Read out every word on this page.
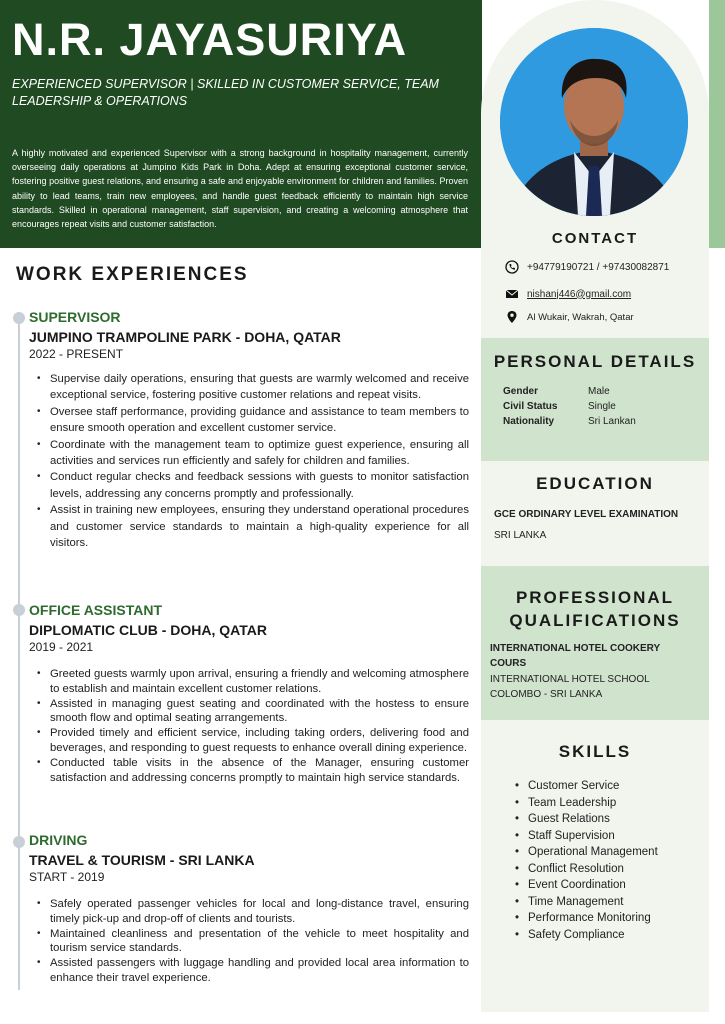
N.R. JAYASURIYA
EXPERIENCED SUPERVISOR | SKILLED IN CUSTOMER SERVICE, TEAM LEADERSHIP & OPERATIONS
A highly motivated and experienced Supervisor with a strong background in hospitality management, currently overseeing daily operations at Jumpino Kids Park in Doha. Adept at ensuring exceptional customer service, fostering positive guest relations, and ensuring a safe and enjoyable environment for children and families. Proven ability to lead teams, train new employees, and handle guest feedback efficiently to maintain high service standards. Skilled in operational management, staff supervision, and creating a welcoming atmosphere that encourages repeat visits and customer satisfaction.
CONTACT
+94779190721 / +97430082871
nishanj446@gmail.com
Al Wukair, Wakrah, Qatar
PERSONAL DETAILS
Gender	Male
Civil Status	Single
Nationality	Sri Lankan
EDUCATION
GCE ORDINARY LEVEL EXAMINATION
SRI LANKA
PROFESSIONAL
QUALIFICATIONS
INTERNATIONAL HOTEL COOKERY COURS
INTERNATIONAL HOTEL SCHOOL COLOMBO - SRI LANKA
SKILLS
• Customer Service
• Team Leadership
• Guest Relations
• Staff Supervision
• Operational Management
• Conflict Resolution
• Event Coordination
• Time Management
• Performance Monitoring
• Safety Compliance
WORK EXPERIENCES
SUPERVISOR
JUMPINO TRAMPOLINE PARK - DOHA, QATAR
2022 - PRESENT
• Supervise daily operations, ensuring that guests are warmly welcomed and receive exceptional service, fostering positive customer relations and repeat visits.
• Oversee staff performance, providing guidance and assistance to team members to ensure smooth operation and excellent customer service.
• Coordinate with the management team to optimize guest experience, ensuring all activities and services run efficiently and safely for children and families.
• Conduct regular checks and feedback sessions with guests to monitor satisfaction levels, addressing any concerns promptly and professionally.
• Assist in training new employees, ensuring they understand operational procedures and customer service standards to maintain a high-quality experience for all visitors.
OFFICE ASSISTANT
DIPLOMATIC CLUB - DOHA, QATAR
2019 - 2021
• Greeted guests warmly upon arrival, ensuring a friendly and welcoming atmosphere to establish and maintain excellent customer relations.
• Assisted in managing guest seating and coordinated with the hostess to ensure smooth flow and optimal seating arrangements.
• Provided timely and efficient service, including taking orders, delivering food and beverages, and responding to guest requests to enhance overall dining experience.
• Conducted table visits in the absence of the Manager, ensuring customer satisfaction and addressing concerns promptly to maintain high service standards.
DRIVING
TRAVEL & TOURISM - SRI LANKA
START - 2019
• Safely operated passenger vehicles for local and long-distance travel, ensuring timely pick-up and drop-off of clients and tourists.
• Maintained cleanliness and presentation of the vehicle to meet hospitality and tourism service standards.
• Assisted passengers with luggage handling and provided local area information to enhance their travel experience.
